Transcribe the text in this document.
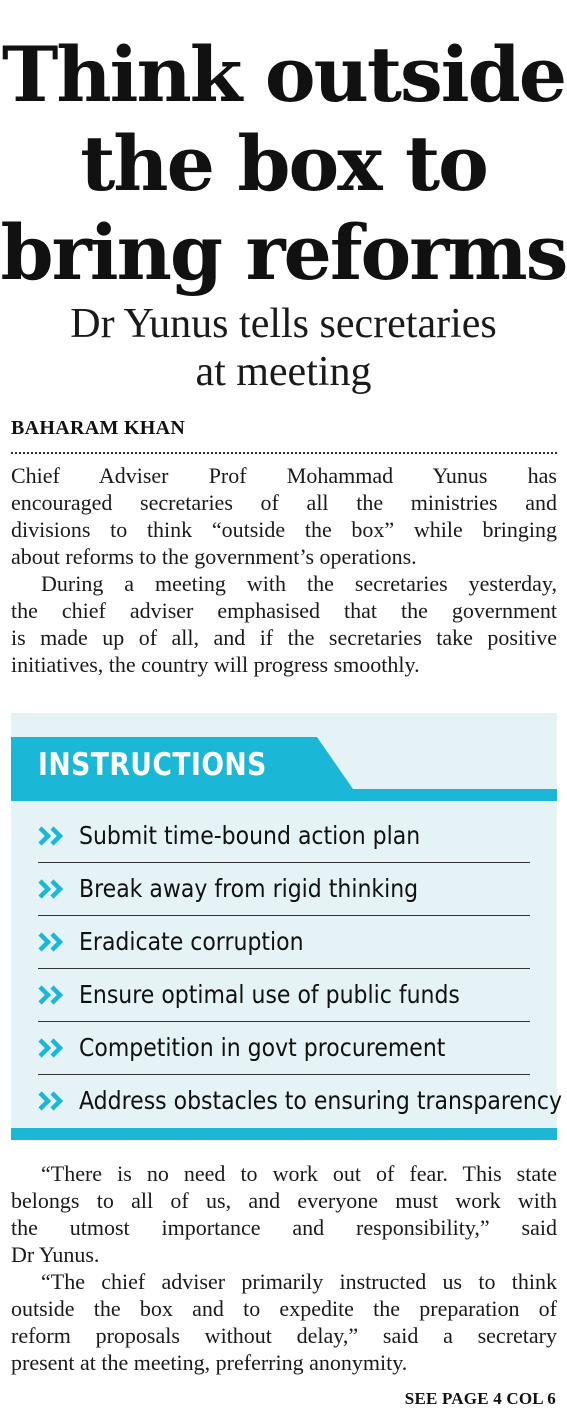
Think outside
the box to
bring reforms
Dr Yunus tells secretaries
at meeting
BAHARAM KHAN

Chief Adviser Prof Mohammad Yunus has
encouraged secretaries of all the ministries and
divisions to think “outside the box” while bringing
about reforms to the government’s operations.

During a meeting with the secretaries yesterday,

the chief adviser emphasised that the government
is made up of all, and if the secretaries take positive
initiatives, the country will progress smoothly.

INSTRUCTIONS
Submit time-bound action plan
Break away from rigid thinking
Eradicate corruption
Ensure optimal use of public funds
Competition in govt procurement
Address obstacles to ensuring transparency

“There is no need to work out of fear. This state

belongs to all of us, and everyone must work with
the utmost importance and responsibility,” said
Dr Yunus.

“The chief adviser primarily instructed us to think

outside the box and to expedite the preparation of
reform proposals without delay,” said a secretary
present at the meeting, preferring anonymity.

SEE PAGE 4 COL 6
